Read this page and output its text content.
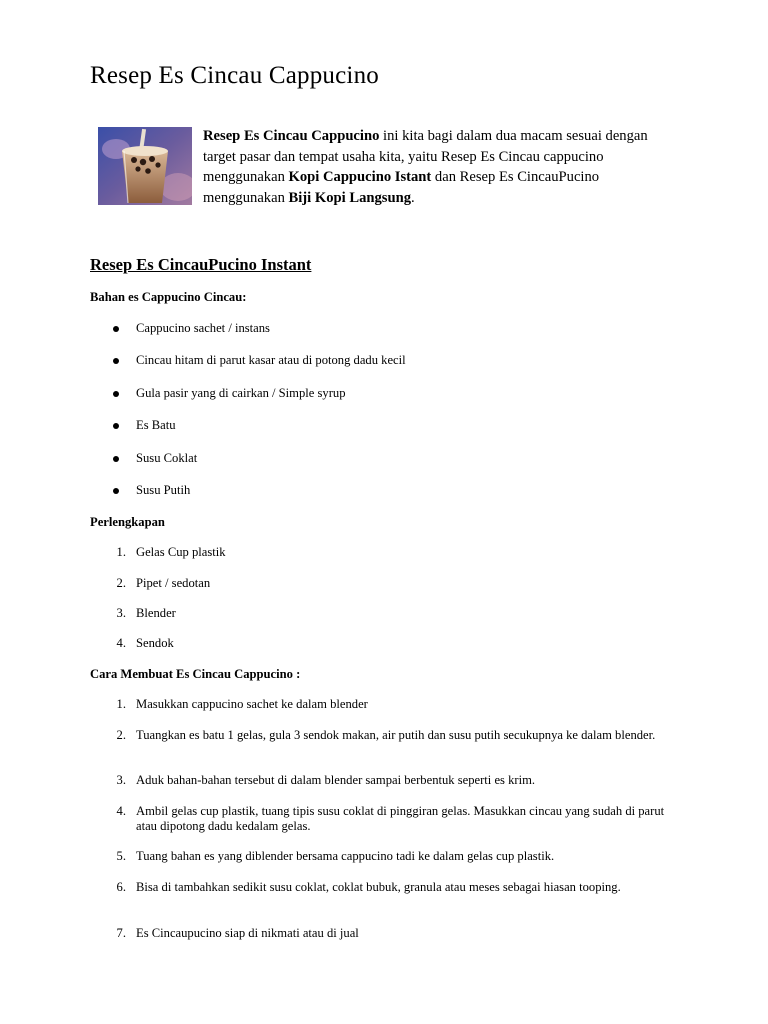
Resep Es Cincau Cappucino

Resep Es Cincau Cappucino ini kita bagi dalam dua macam sesuai dengan target pasar dan tempat usaha kita, yaitu Resep Es Cincau cappucino menggunakan Kopi Cappucino Istant dan Resep Es CincauPucino menggunakan Biji Kopi Langsung.

Resep Es CincauPucino Instant

Bahan es Cappucino Cincau:

Cappucino sachet / instans

Cincau hitam di parut kasar atau di potong dadu kecil

Gula pasir yang di cairkan / Simple syrup

Es Batu

Susu Coklat

Susu Putih

Perlengkapan

1. Gelas Cup plastik

2. Pipet / sedotan

3. Blender

4. Sendok

Cara Membuat Es Cincau Cappucino :

1. Masukkan cappucino sachet ke dalam blender

2. Tuangkan es batu 1 gelas, gula 3 sendok makan, air putih dan susu putih secukupnya ke dalam blender.

3. Aduk bahan-bahan tersebut di dalam blender sampai berbentuk seperti es krim.

4. Ambil gelas cup plastik, tuang tipis susu coklat di pinggiran gelas. Masukkan cincau yang sudah di parut atau dipotong dadu kedalam gelas.

5. Tuang bahan es yang diblender bersama cappucino tadi ke dalam gelas cup plastik.

6. Bisa di tambahkan sedikit susu coklat, coklat bubuk, granula atau meses sebagai hiasan tooping.

7. Es Cincaupucino siap di nikmati atau di jual
